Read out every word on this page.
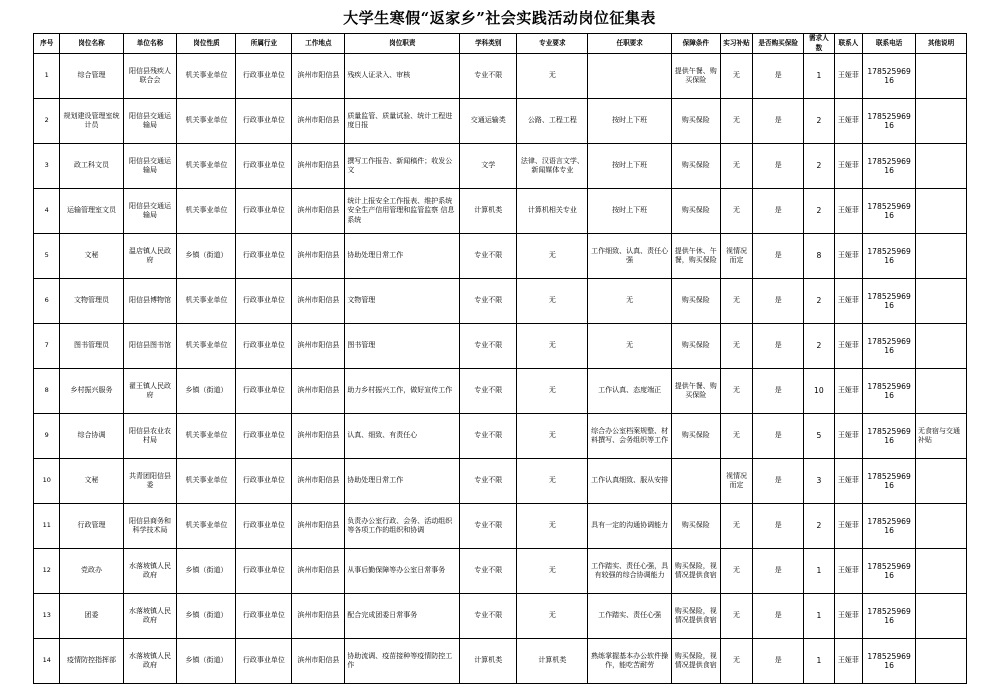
大学生寒假“返家乡”社会实践活动岗位征集表
序号	岗位名称	单位名称	岗位性质	所属行业	工作地点	岗位职责	学科类别	专业要求	任职要求	保障条件	实习补贴	是否购买保险	需求人数	联系人	联系电话	其他说明
1	综合管理	阳信县残疾人联合会	机关事业单位	行政事业单位	滨州市阳信县	残疾人证录入、审核	专业不限	无		提供午餐、购买保险	无	是	1	王娅菲	17852596916	
2	规划建设管理室统计员	阳信县交通运输局	机关事业单位	行政事业单位	滨州市阳信县	质量监管、质量试验、统计工程进度日报	交通运输类	公路、工程工程	按时上下班	购买保险	无	是	2	王娅菲	17852596916	
3	政工科文员	阳信县交通运输局	机关事业单位	行政事业单位	滨州市阳信县	撰写工作报告、新闻稿件；收发公文	文学	法律、汉语言文学、新闻媒体专业	按时上下班	购买保险	无	是	2	王娅菲	17852596916	
4	运输管理室文员	阳信县交通运输局	机关事业单位	行政事业单位	滨州市阳信县	统计上报安全工作报表、维护系统安全生产信用管理和监管监察 信息系统	计算机类	计算机相关专业	按时上下班	购买保险	无	是	2	王娅菲	17852596916	
5	文秘	温店镇人民政府	乡镇（街道）	行政事业单位	滨州市阳信县	协助处理日常工作	专业不限	无	工作细致、认真、责任心强	提供午休、午餐，购买保险	视情况而定	是	8	王娅菲	17852596916	
6	文物管理员	阳信县博物馆	机关事业单位	行政事业单位	滨州市阳信县	文物管理	专业不限	无	无	购买保险	无	是	2	王娅菲	17852596916	
7	图书管理员	阳信县图书馆	机关事业单位	行政事业单位	滨州市阳信县	图书管理	专业不限	无	无	购买保险	无	是	2	王娅菲	17852596916	
8	乡村振兴服务	翟王镇人民政府	乡镇（街道）	行政事业单位	滨州市阳信县	助力乡村振兴工作，做好宣传工作	专业不限	无	工作认真、态度端正	提供午餐、购买保险	无	是	10	王娅菲	17852596916	
9	综合协调	阳信县农业农村局	机关事业单位	行政事业单位	滨州市阳信县	认真、细致、有责任心	专业不限	无	综合办公室档案规整、材料撰写、会务组织等工作	购买保险	无	是	5	王娅菲	17852596916	无食宿与交通补贴
10	文秘	共青团阳信县委	机关事业单位	行政事业单位	滨州市阳信县	协助处理日常工作	专业不限	无	工作认真细致、服从安排		视情况而定	是	3	王娅菲	17852596916	
11	行政管理	阳信县商务和科学技术局	机关事业单位	行政事业单位	滨州市阳信县	负责办公室行政、会务、活动组织等各项工作的组织和协调	专业不限	无	具有一定的沟通协调能力	购买保险	无	是	2	王娅菲	17852596916	
12	党政办	水落坡镇人民政府	乡镇（街道）	行政事业单位	滨州市阳信县	从事后勤保障等办公室日常事务	专业不限	无	工作踏实、责任心强，具有较强的综合协调能力	购买保险，视情况提供食宿	无	是	1	王娅菲	17852596916	
13	团委	水落坡镇人民政府	乡镇（街道）	行政事业单位	滨州市阳信县	配合完成团委日常事务	专业不限	无	工作踏实、责任心强	购买保险，视情况提供食宿	无	是	1	王娅菲	17852596916	
14	疫情防控指挥部	水落坡镇人民政府	乡镇（街道）	行政事业单位	滨州市阳信县	协助流调、疫苗接种等疫情防控工作	计算机类	计算机类	熟练掌握基本办公软件操作，能吃苦耐劳	购买保险，视情况提供食宿	无	是	1	王娅菲	17852596916	
